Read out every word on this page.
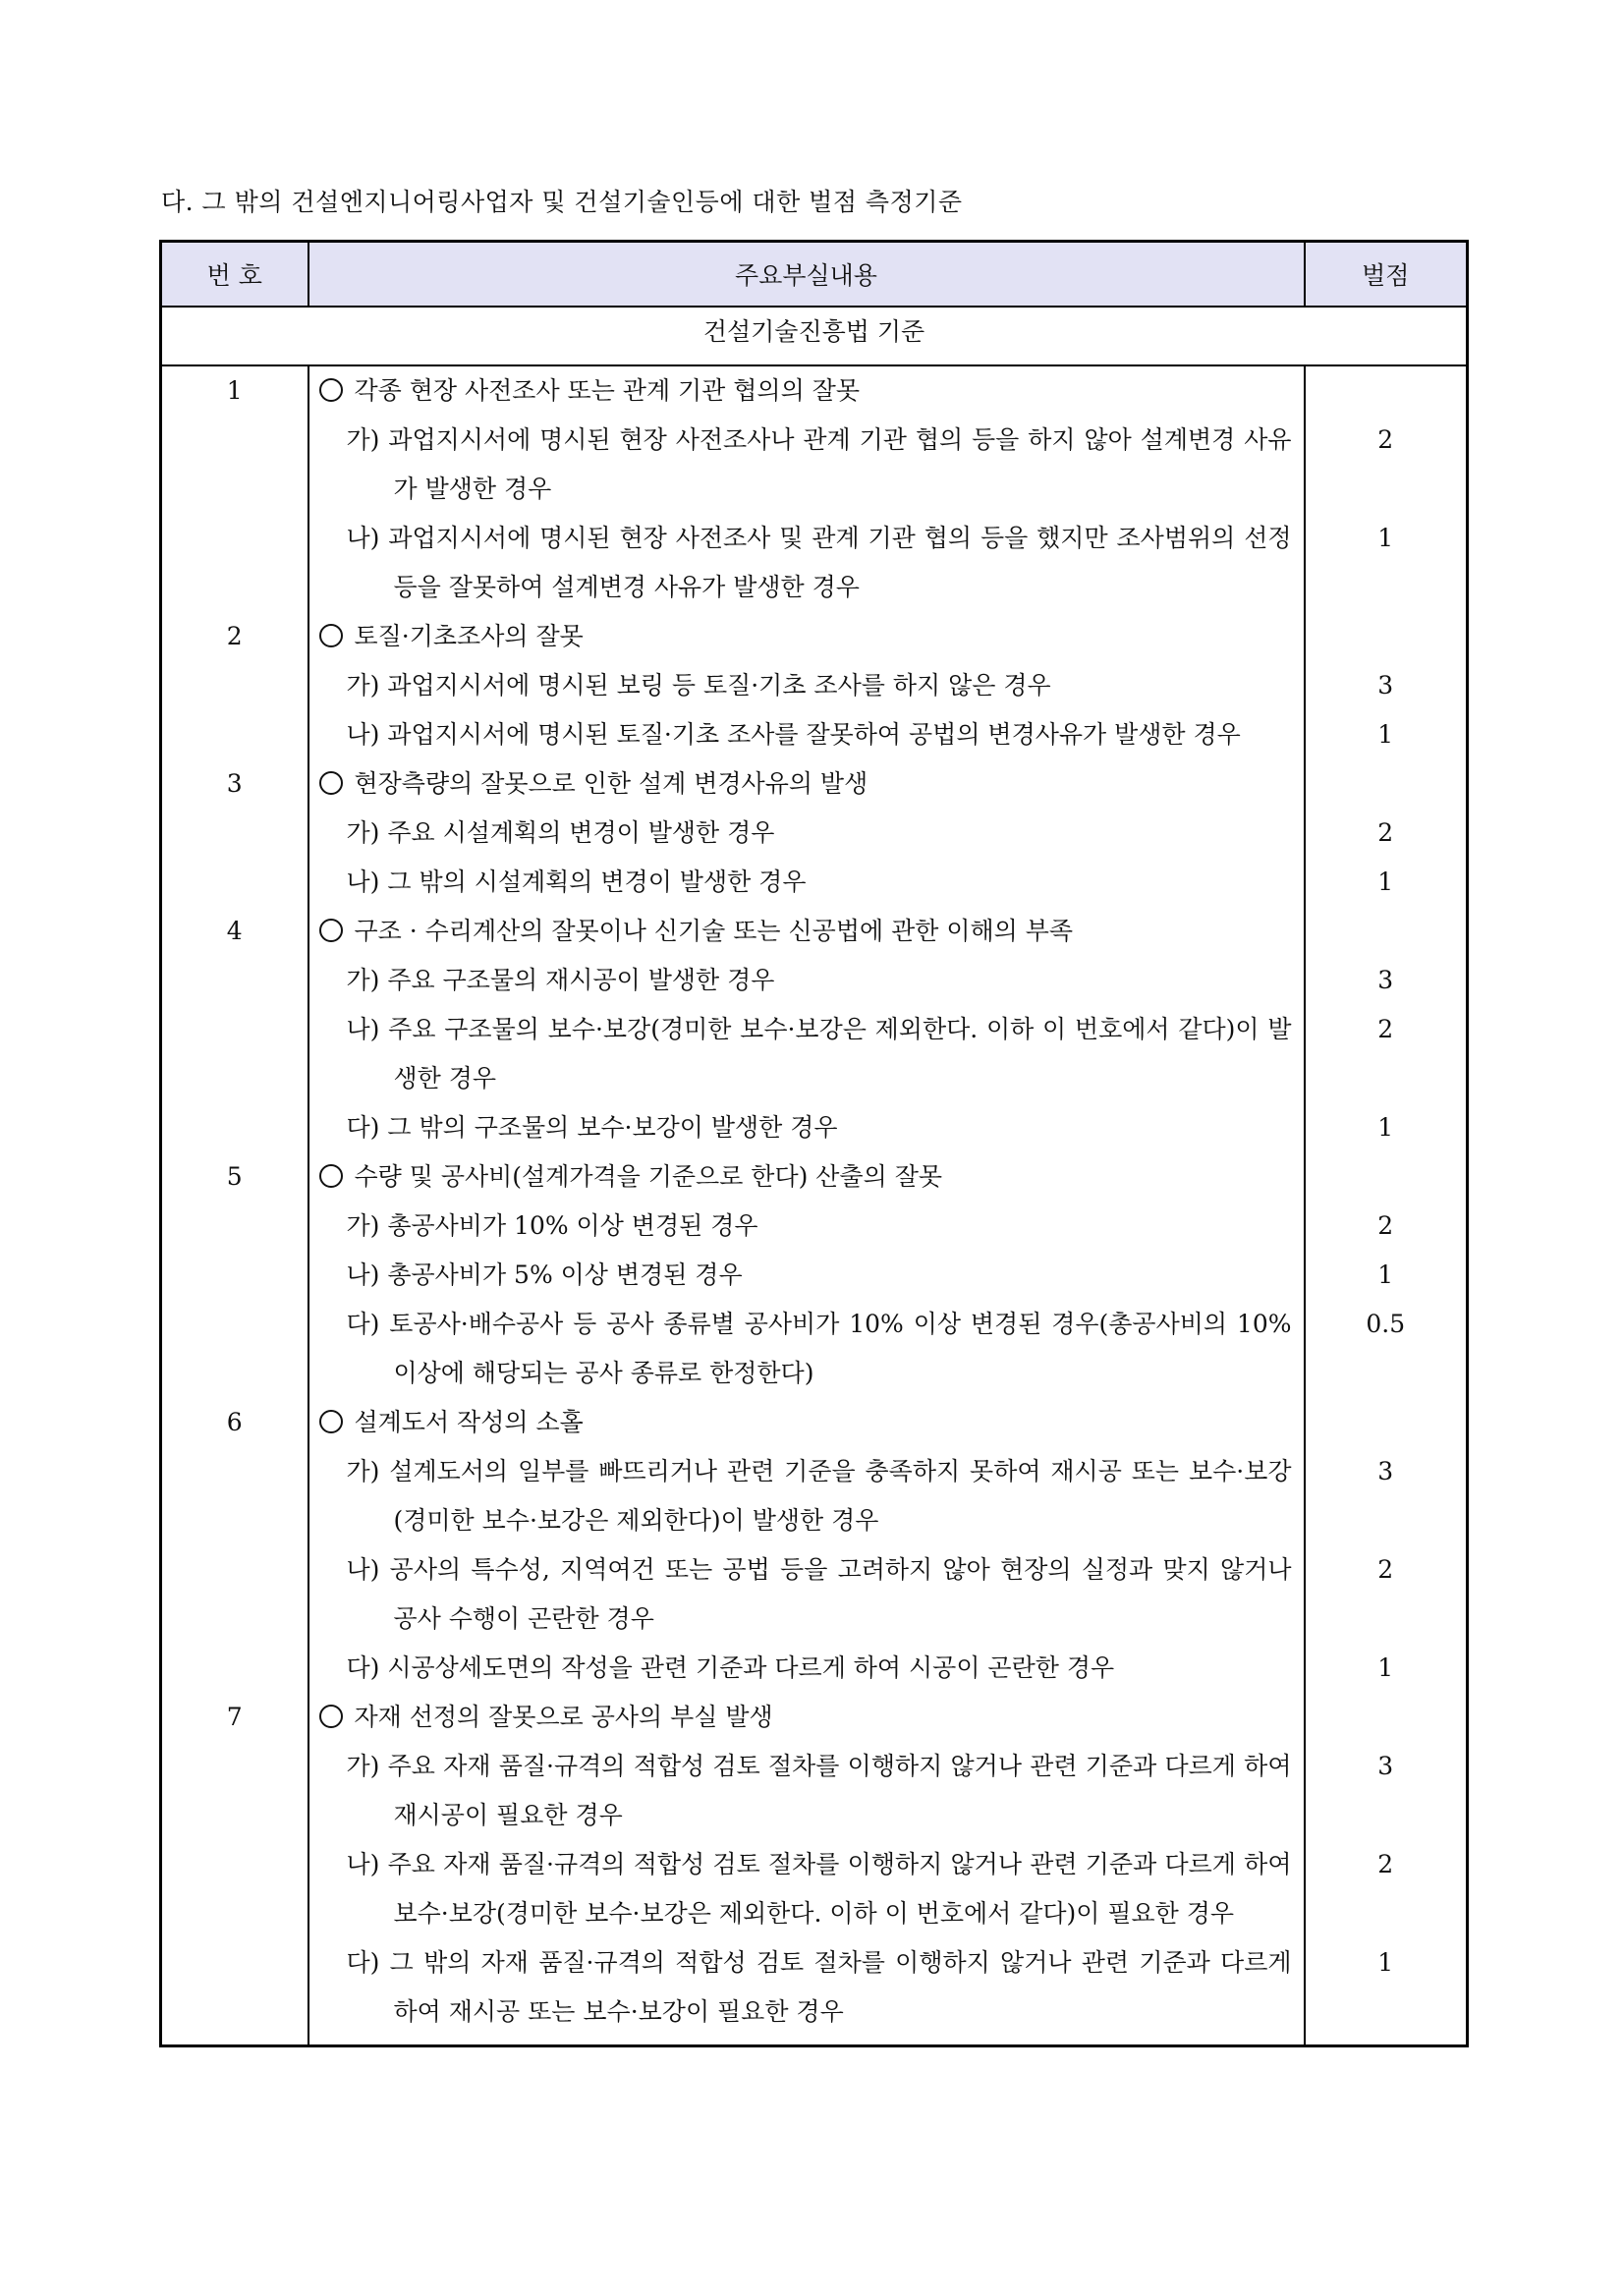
다. 그 밖의 건설엔지니어링사업자 및 건설기술인등에 대한 벌점 측정기준
번 호	주요부실내용	벌점
건설기술진흥법 기준		
1	각종 현장 사전조사 또는 관계 기관 협의의 잘못	

	가) 과업지시서에 명시된 현장 사전조사나 관계 기관 협의 등을 하지 않아 설계변경 사유가 발생한 경우	2

	나) 과업지시서에 명시된 현장 사전조사 및 관계 기관 협의 등을 했지만 조사범위의 선정 등을 잘못하여 설계변경 사유가 발생한 경우	1
2	토질·기초조사의 잘못	

	가) 과업지시서에 명시된 보링 등 토질·기초 조사를 하지 않은 경우	3

	나) 과업지시서에 명시된 토질·기초 조사를 잘못하여 공법의 변경사유가 발생한 경우	1
3	현장측량의 잘못으로 인한 설계 변경사유의 발생	

	가) 주요 시설계획의 변경이 발생한 경우	2

	나) 그 밖의 시설계획의 변경이 발생한 경우	1
4	구조 · 수리계산의 잘못이나 신기술 또는 신공법에 관한 이해의 부족	

	가) 주요 구조물의 재시공이 발생한 경우	3

	나) 주요 구조물의 보수·보강(경미한 보수·보강은 제외한다. 이하 이 번호에서 같다)이 발생한 경우	2

	다) 그 밖의 구조물의 보수·보강이 발생한 경우	1
5	수량 및 공사비(설계가격을 기준으로 한다) 산출의 잘못	

	가) 총공사비가 10% 이상 변경된 경우	2

	나) 총공사비가 5% 이상 변경된 경우	1

	다) 토공사·배수공사 등 공사 종류별 공사비가 10% 이상 변경된 경우(총공사비의 10% 이상에 해당되는 공사 종류로 한정한다)	0.5
6	설계도서 작성의 소홀	

	가) 설계도서의 일부를 빠뜨리거나 관련 기준을 충족하지 못하여 재시공 또는 보수·보강(경미한 보수·보강은 제외한다)이 발생한 경우	3

	나) 공사의 특수성, 지역여건 또는 공법 등을 고려하지 않아 현장의 실정과 맞지 않거나 공사 수행이 곤란한 경우	2

	다) 시공상세도면의 작성을 관련 기준과 다르게 하여 시공이 곤란한 경우	1
7	자재 선정의 잘못으로 공사의 부실 발생	

	가) 주요 자재 품질·규격의 적합성 검토 절차를 이행하지 않거나 관련 기준과 다르게 하여 재시공이 필요한 경우	3

	나) 주요 자재 품질·규격의 적합성 검토 절차를 이행하지 않거나 관련 기준과 다르게 하여 보수·보강(경미한 보수·보강은 제외한다. 이하 이 번호에서 같다)이 필요한 경우	2

	다) 그 밖의 자재 품질·규격의 적합성 검토 절차를 이행하지 않거나 관련 기준과 다르게 하여 재시공 또는 보수·보강이 필요한 경우	1
